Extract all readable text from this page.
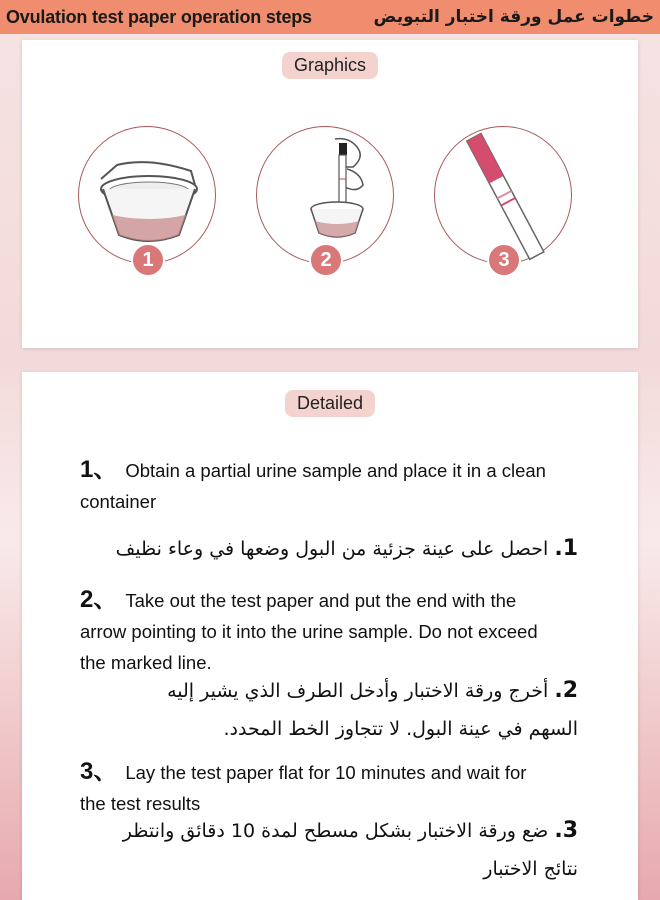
Ovulation test paper operation steps	خطوات عمل ورقة اختبار التبويض
Graphics
1	2	3
Detailed
1、 Obtain a partial urine sample and place it in a clean container
1. احصل على عينة جزئية من البول وضعها في وعاء نظيف
2、 Take out the test paper and put the end with the arrow pointing to it into the urine sample. Do not exceed the marked line.
2. أخرج ورقة الاختبار وأدخل الطرف الذي يشير إليه السهم في عينة البول. لا تتجاوز الخط المحدد.
3、 Lay the test paper flat for 10 minutes and wait for the test results
3. ضع ورقة الاختبار بشكل مسطح لمدة 10 دقائق وانتظر نتائج الاختبار
